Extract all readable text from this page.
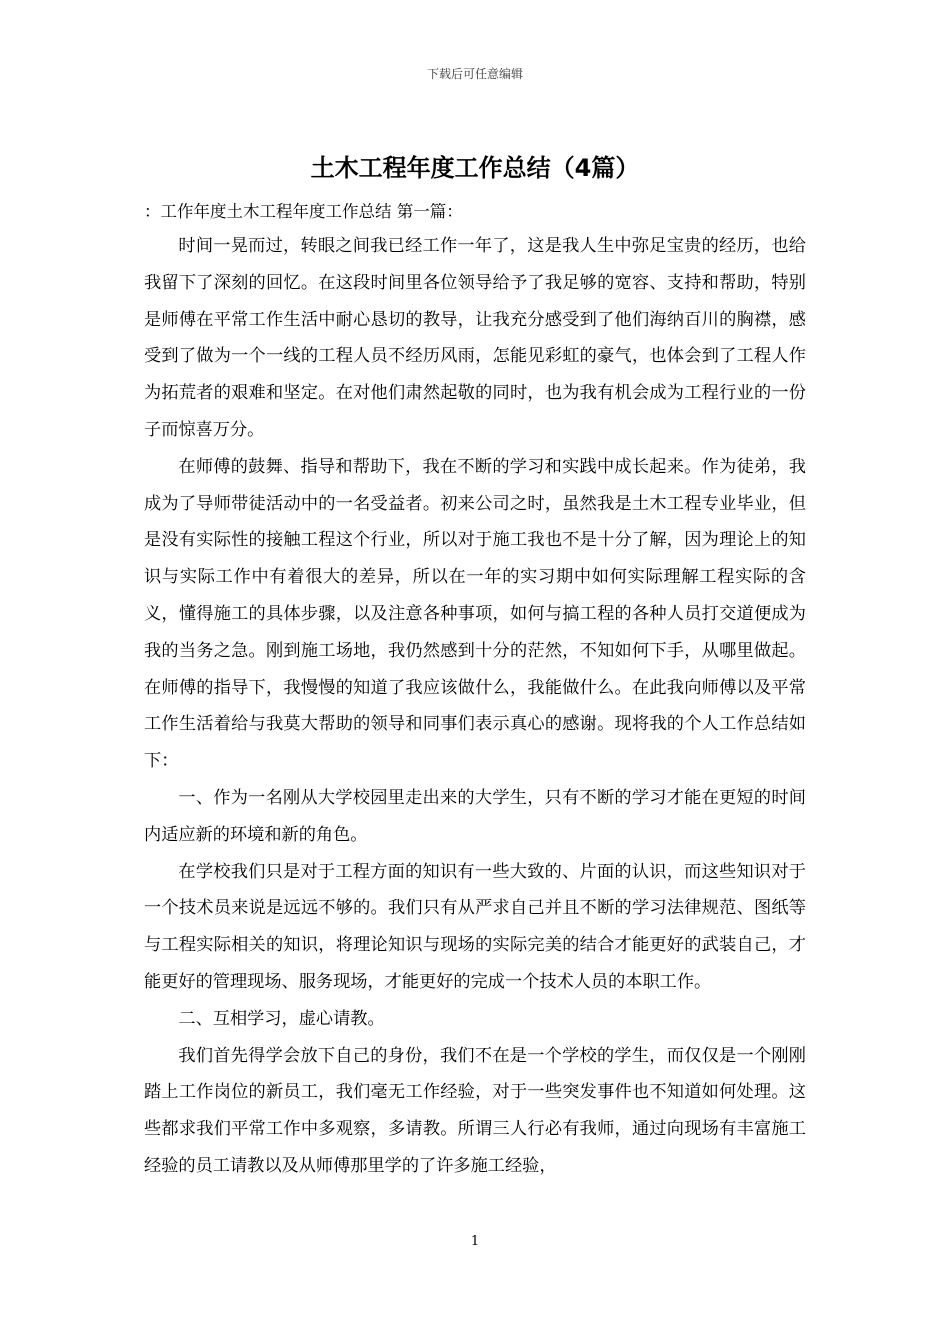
下载后可任意编辑
土木工程年度工作总结（4篇）

：工作年度土木工程年度工作总结 第一篇：

时间一晃而过，转眼之间我已经工作一年了，这是我人生中弥足宝贵的经历，也给我留下了深刻的回忆。在这段时间里各位领导给予了我足够的宽容、支持和帮助，特别是师傅在平常工作生活中耐心恳切的教导，让我充分感受到了他们海纳百川的胸襟，感受到了做为一个一线的工程人员不经历风雨，怎能见彩虹的豪气，也体会到了工程人作为拓荒者的艰难和坚定。在对他们肃然起敬的同时，也为我有机会成为工程行业的一份子而惊喜万分。

在师傅的鼓舞、指导和帮助下，我在不断的学习和实践中成长起来。作为徒弟，我成为了导师带徒活动中的一名受益者。初来公司之时，虽然我是土木工程专业毕业，但是没有实际性的接触工程这个行业，所以对于施工我也不是十分了解，因为理论上的知识与实际工作中有着很大的差异，所以在一年的实习期中如何实际理解工程实际的含义，懂得施工的具体步骤，以及注意各种事项，如何与搞工程的各种人员打交道便成为我的当务之急。刚到施工场地，我仍然感到十分的茫然，不知如何下手，从哪里做起。在师傅的指导下，我慢慢的知道了我应该做什么，我能做什么。在此我向师傅以及平常工作生活着给与我莫大帮助的领导和同事们表示真心的感谢。现将我的个人工作总结如下：

一、作为一名刚从大学校园里走出来的大学生，只有不断的学习才能在更短的时间内适应新的环境和新的角色。

在学校我们只是对于工程方面的知识有一些大致的、片面的认识，而这些知识对于一个技术员来说是远远不够的。我们只有从严求自己并且不断的学习法律规范、图纸等与工程实际相关的知识，将理论知识与现场的实际完美的结合才能更好的武装自己，才能更好的管理现场、服务现场，才能更好的完成一个技术人员的本职工作。

二、互相学习，虚心请教。

我们首先得学会放下自己的身份，我们不在是一个学校的学生，而仅仅是一个刚刚踏上工作岗位的新员工，我们毫无工作经验，对于一些突发事件也不知道如何处理。这些都求我们平常工作中多观察，多请教。所谓三人行必有我师，通过向现场有丰富施工经验的员工请教以及从师傅那里学的了许多施工经验，

1
